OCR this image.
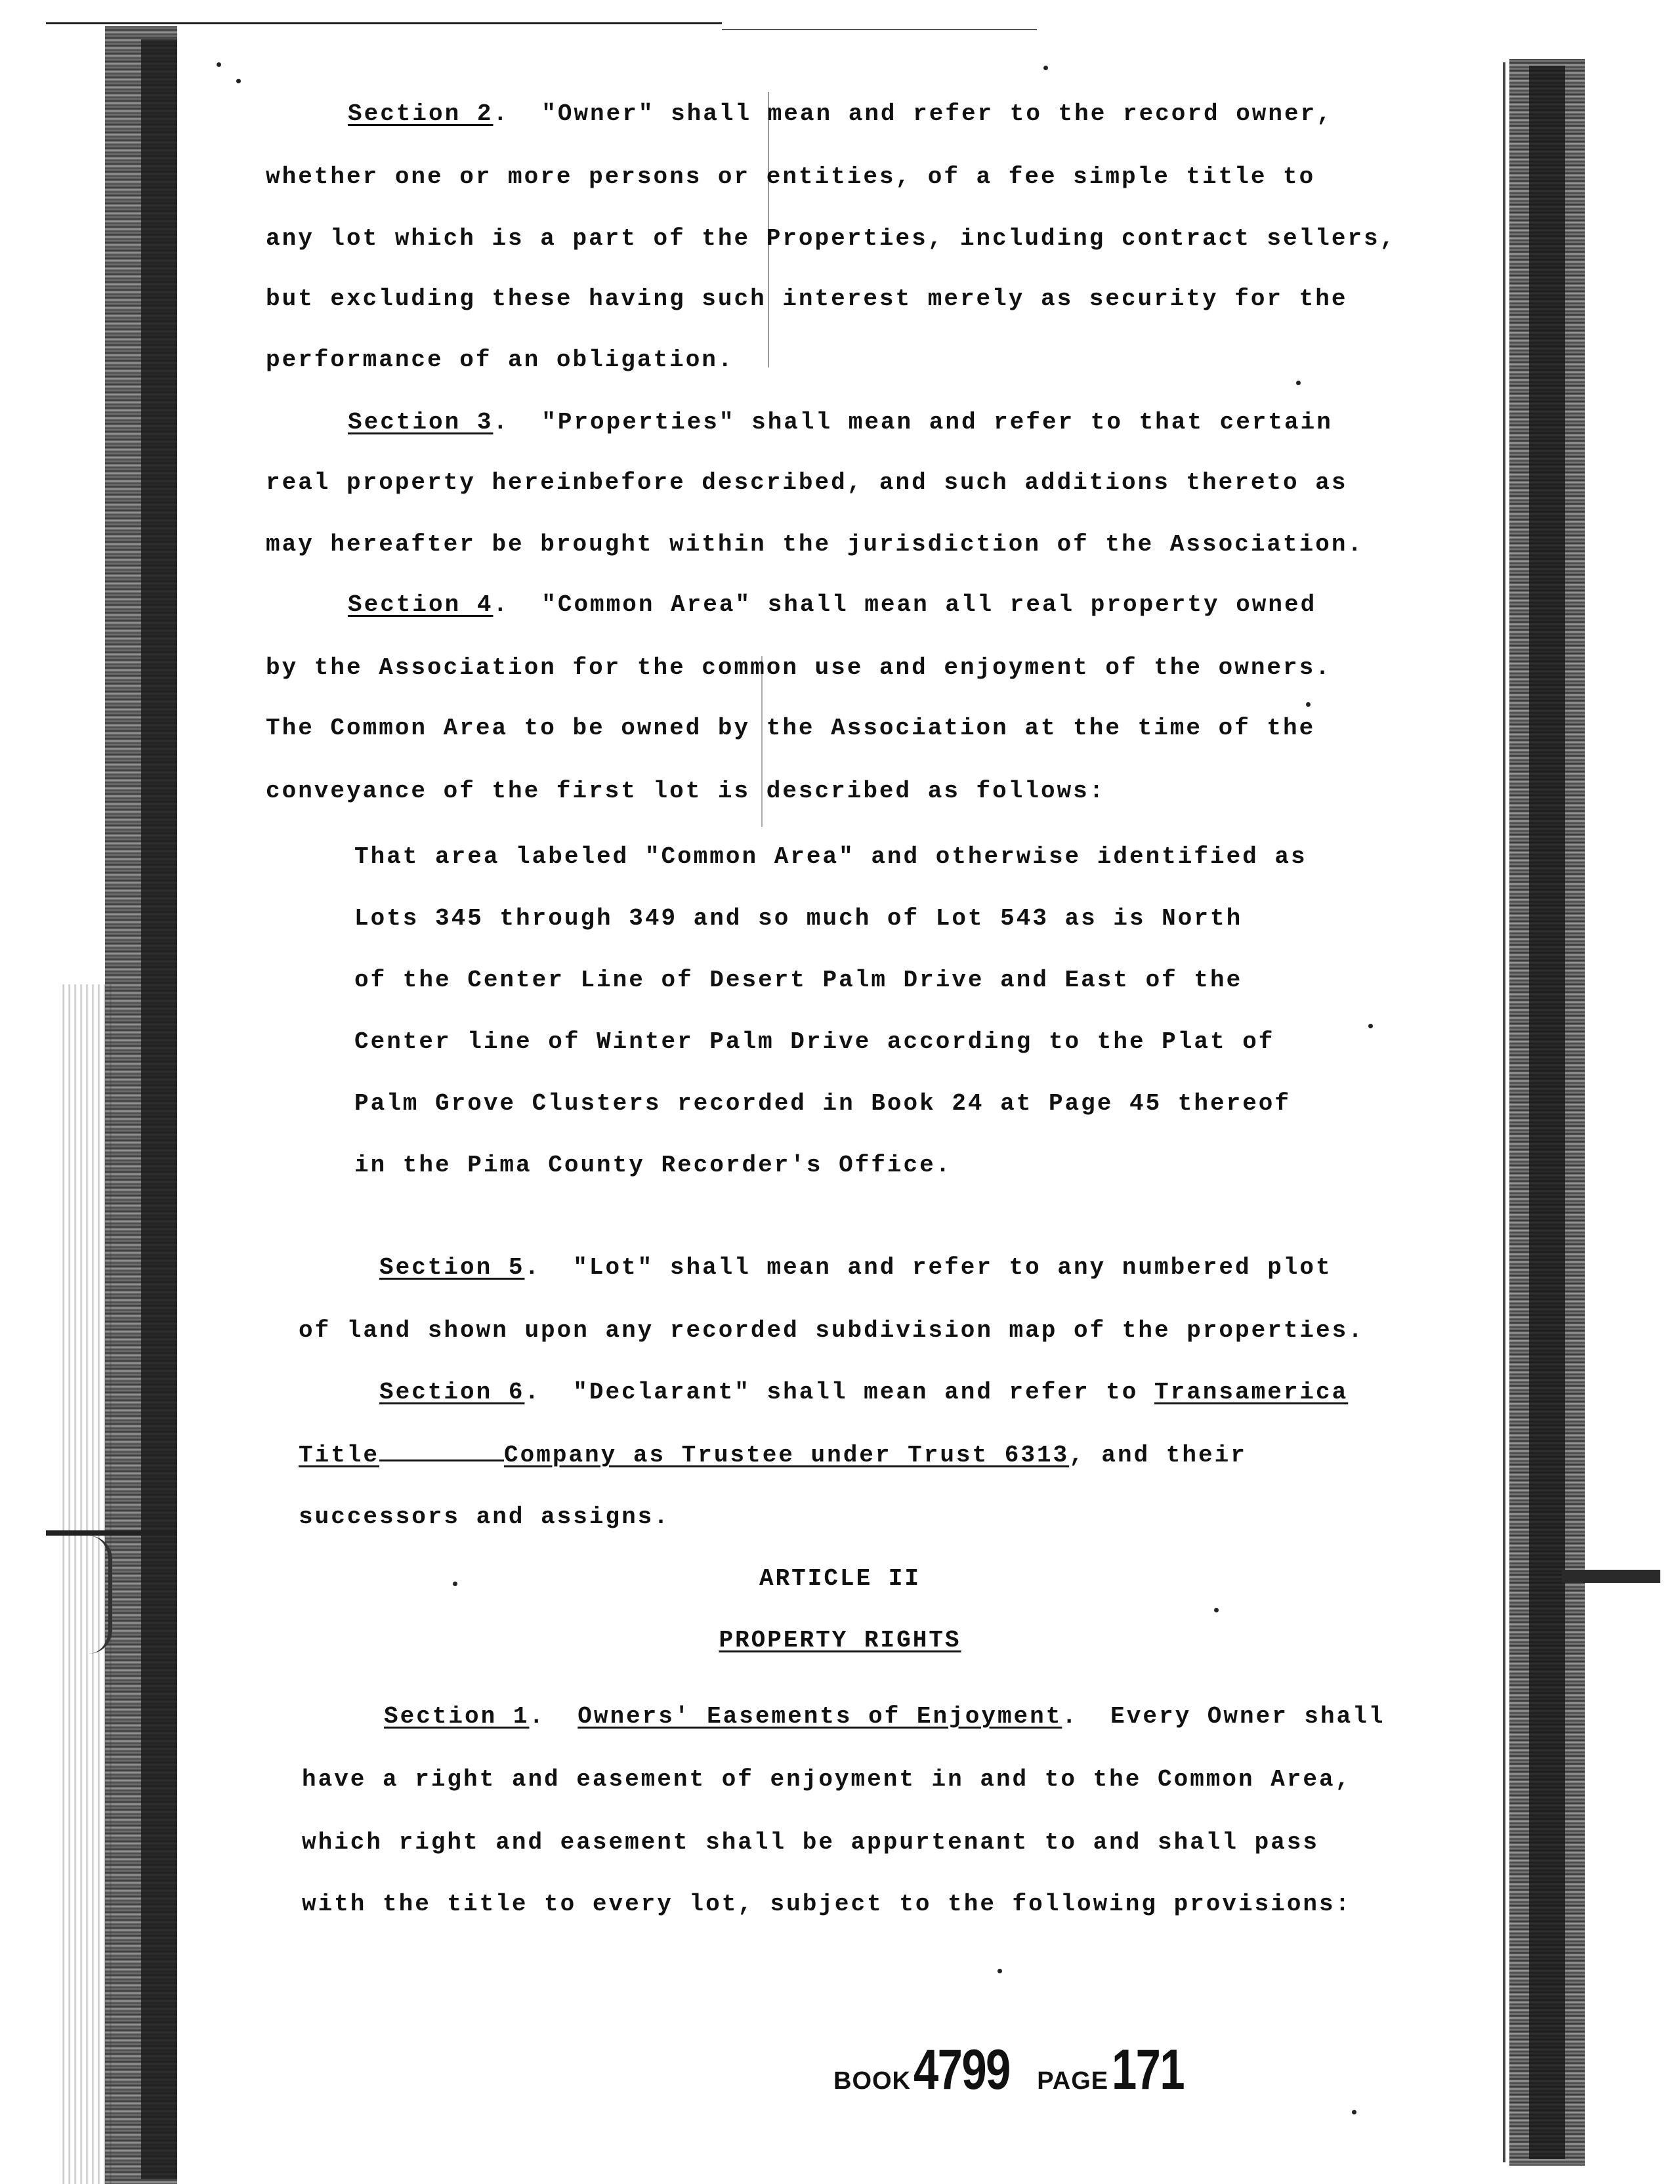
Section 2.  "Owner" shall mean and refer to the record owner,
whether one or more persons or entities, of a fee simple title to
any lot which is a part of the Properties, including contract sellers,
but excluding these having such interest merely as security for the
performance of an obligation.
Section 3.  "Properties" shall mean and refer to that certain
real property hereinbefore described, and such additions thereto as
may hereafter be brought within the jurisdiction of the Association.
Section 4.  "Common Area" shall mean all real property owned
by the Association for the common use and enjoyment of the owners.
The Common Area to be owned by the Association at the time of the
conveyance of the first lot is described as follows:
That area labeled "Common Area" and otherwise identified as
Lots 345 through 349 and so much of Lot 543 as is North
of the Center Line of Desert Palm Drive and East of the
Center line of Winter Palm Drive according to the Plat of
Palm Grove Clusters recorded in Book 24 at Page 45 thereof
in the Pima County Recorder's Office.
Section 5.  "Lot" shall mean and refer to any numbered plot
of land shown upon any recorded subdivision map of the properties.
Section 6.  "Declarant" shall mean and refer to Transamerica
Title	Company as Trustee under Trust 6313, and their
successors and assigns.
ARTICLE II
PROPERTY RIGHTS
Section 1.  Owners' Easements of Enjoyment.  Every Owner shall
have a right and easement of enjoyment in and to the Common Area,
which right and easement shall be appurtenant to and shall pass
with the title to every lot, subject to the following provisions:
BOOK 4799 PAGE 171
